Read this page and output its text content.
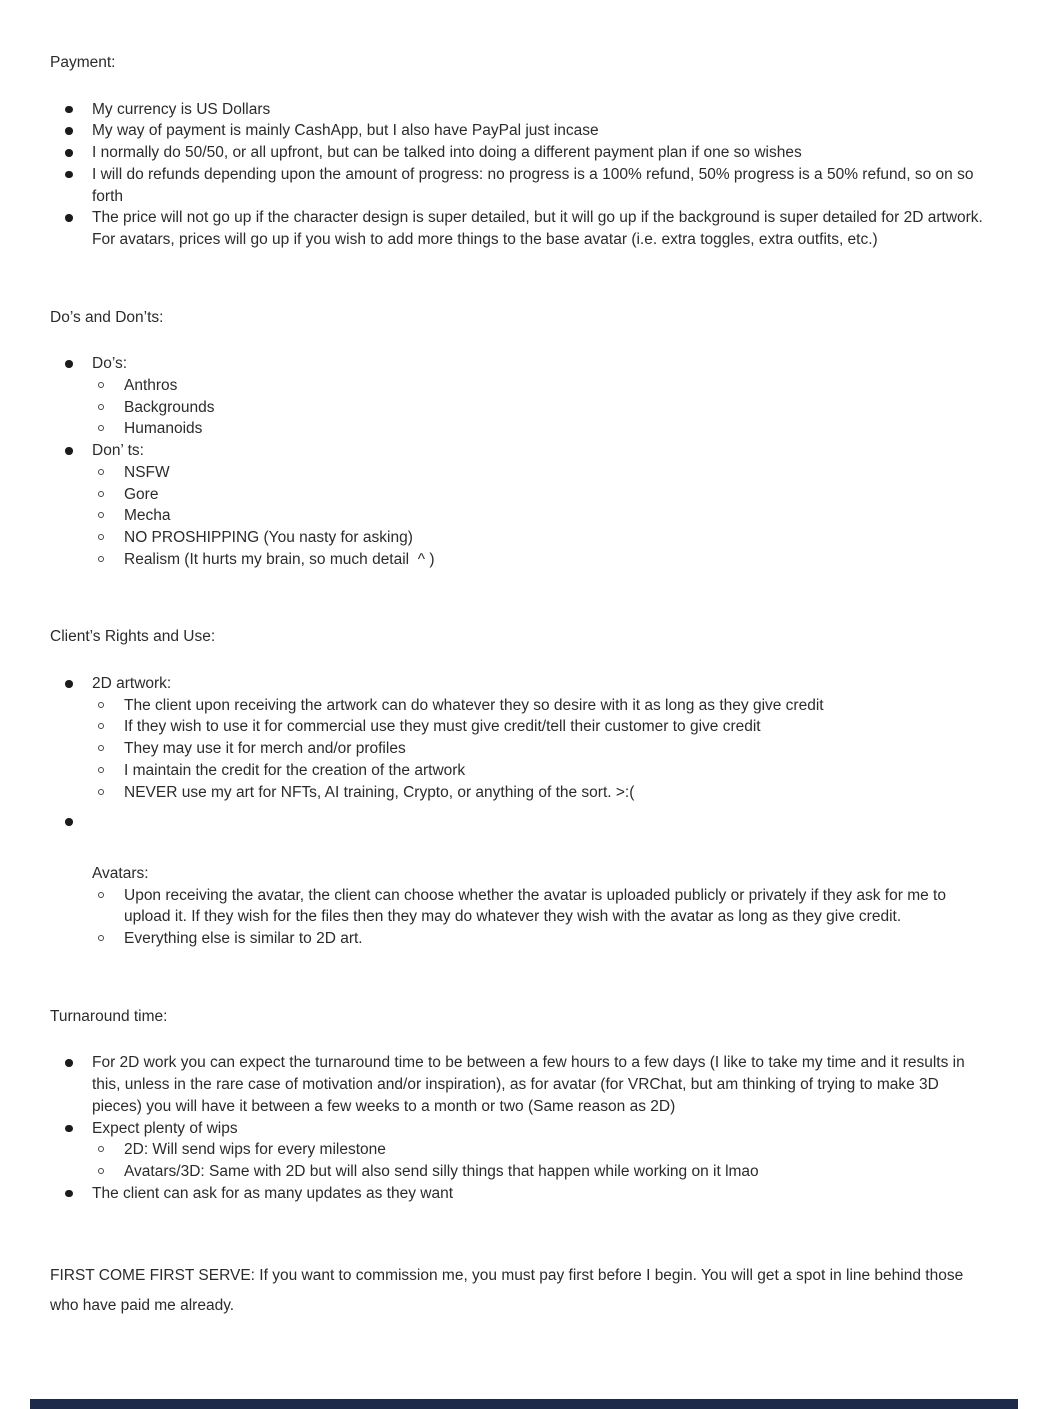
Payment:
My currency is US Dollars
My way of payment is mainly CashApp, but I also have PayPal just incase
I normally do 50/50, or all upfront, but can be talked into doing a different payment plan if one so wishes
I will do refunds depending upon the amount of progress: no progress is a 100% refund, 50% progress is a 50% refund, so on so forth
The price will not go up if the character design is super detailed, but it will go up if the background is super detailed for 2D artwork. For avatars, prices will go up if you wish to add more things to the base avatar (i.e. extra toggles, extra outfits, etc.)
Do’s and Don’ts:
Do’s:
Anthros
Backgrounds
Humanoids
Don’ ts:
NSFW
Gore
Mecha
NO PROSHIPPING (You nasty for asking)
Realism (It hurts my brain, so much detail  ^ )
Client’s Rights and Use:
2D artwork:
The client upon receiving the artwork can do whatever they so desire with it as long as they give credit
If they wish to use it for commercial use they must give credit/tell their customer to give credit
They may use it for merch and/or profiles
I maintain the credit for the creation of the artwork
NEVER use my art for NFTs, AI training, Crypto, or anything of the sort. >:(
Avatars:
Upon receiving the avatar, the client can choose whether the avatar is uploaded publicly or privately if they ask for me to upload it. If they wish for the files then they may do whatever they wish with the avatar as long as they give credit.
Everything else is similar to 2D art.
Turnaround time:
For 2D work you can expect the turnaround time to be between a few hours to a few days (I like to take my time and it results in this, unless in the rare case of motivation and/or inspiration), as for avatar (for VRChat, but am thinking of trying to make 3D pieces) you will have it between a few weeks to a month or two (Same reason as 2D)
Expect plenty of wips
2D: Will send wips for every milestone
Avatars/3D: Same with 2D but will also send silly things that happen while working on it lmao
The client can ask for as many updates as they want

FIRST COME FIRST SERVE: If you want to commission me, you must pay first before I begin. You will get a spot in line behind those who have paid me already.
